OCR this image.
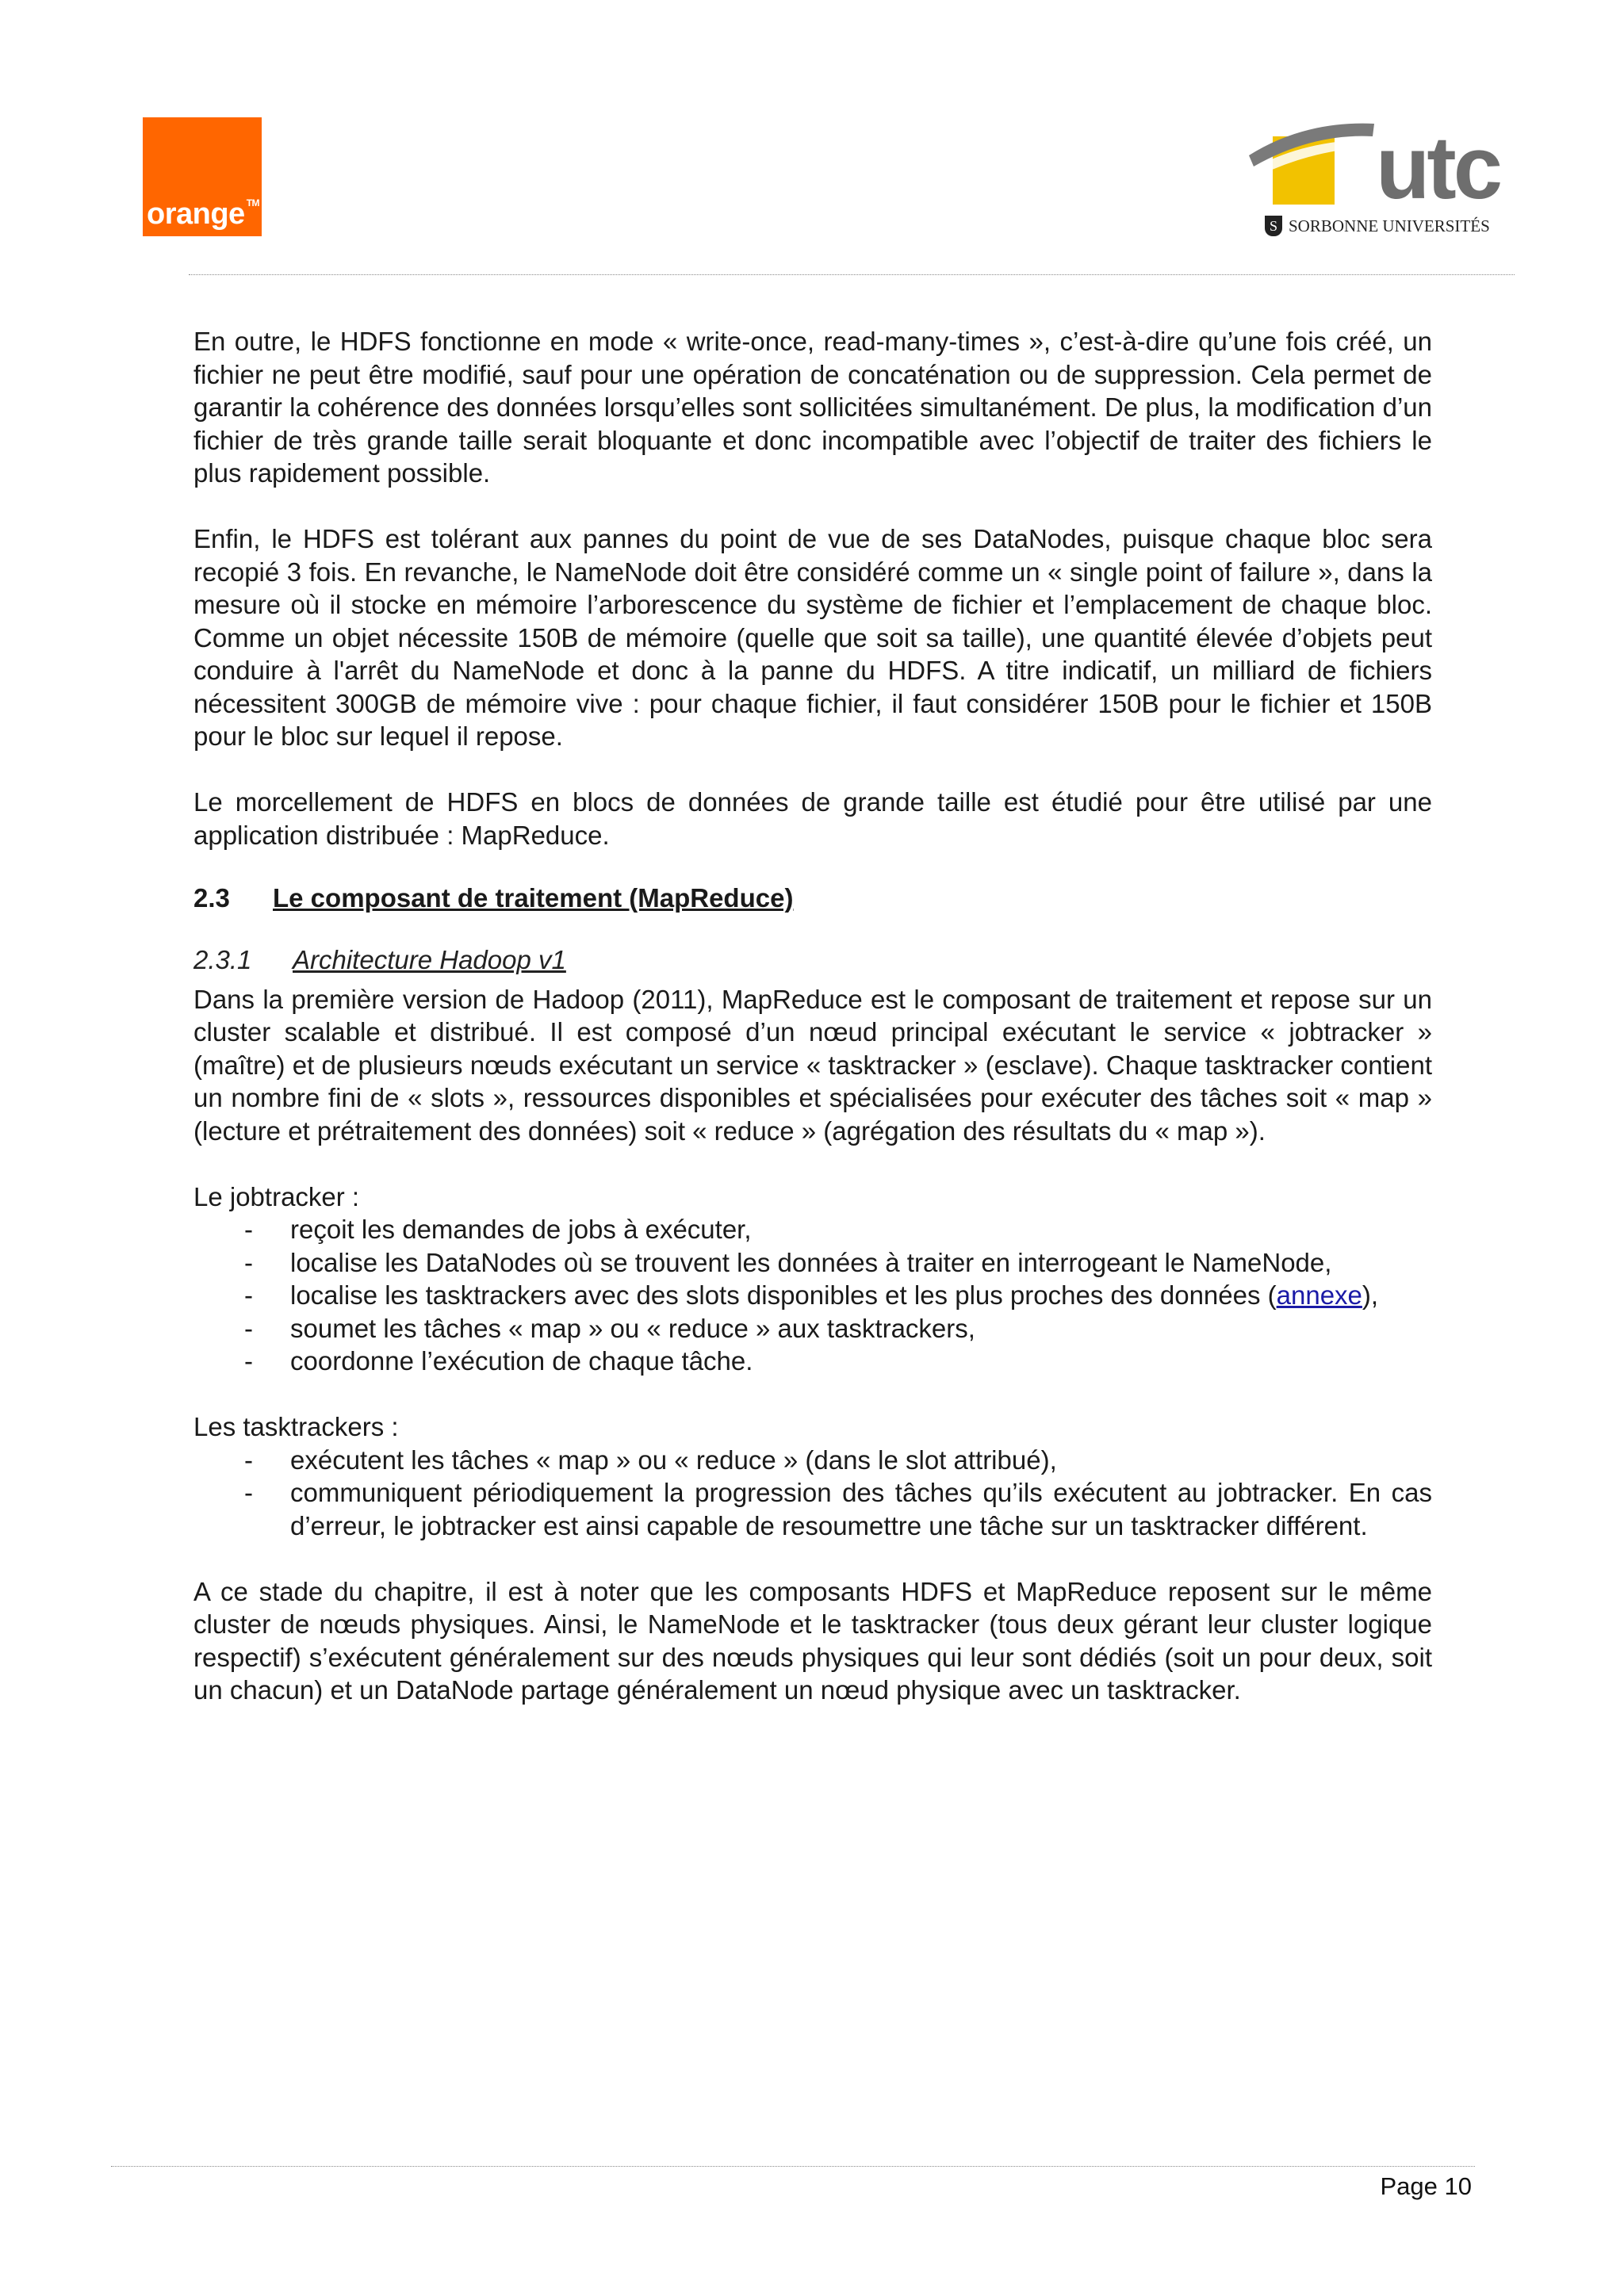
orange ™	utc
S SORBONNE UNIVERSITÉS

En outre, le HDFS fonctionne en mode « write-once, read-many-times », c’est-à-dire qu’une fois créé, un fichier ne peut être modifié, sauf pour une opération de concaténation ou de suppression. Cela permet de garantir la cohérence des données lorsqu’elles sont sollicitées simultanément. De plus, la modification d’un fichier de très grande taille serait bloquante et donc incompatible avec l’objectif de traiter des fichiers le plus rapidement possible.

Enfin, le HDFS est tolérant aux pannes du point de vue de ses DataNodes, puisque chaque bloc sera recopié 3 fois. En revanche, le NameNode doit être considéré comme un « single point of failure », dans la mesure où il stocke en mémoire l’arborescence du système de fichier et l’emplacement de chaque bloc. Comme un objet nécessite 150B de mémoire (quelle que soit sa taille), une quantité élevée d’objets peut conduire à l'arrêt du NameNode et donc à la panne du HDFS. A titre indicatif, un milliard de fichiers nécessitent 300GB de mémoire vive : pour chaque fichier, il faut considérer 150B pour le fichier et 150B pour le bloc sur lequel il repose.

Le morcellement de HDFS en blocs de données de grande taille est étudié pour être utilisé par une application distribuée : MapReduce.

2.3	Le composant de traitement (MapReduce)
2.3.1	Architecture Hadoop v1

Dans la première version de Hadoop (2011), MapReduce est le composant de traitement et repose sur un cluster scalable et distribué. Il est composé d’un nœud principal exécutant le service « jobtracker » (maître) et de plusieurs nœuds exécutant un service « tasktracker » (esclave). Chaque tasktracker contient un nombre fini de « slots », ressources disponibles et spécialisées pour exécuter des tâches soit « map » (lecture et prétraitement des données) soit « reduce » (agrégation des résultats du « map »).

Le jobtracker :

- reçoit les demandes de jobs à exécuter,
- localise les DataNodes où se trouvent les données à traiter en interrogeant le NameNode,
- localise les tasktrackers avec des slots disponibles et les plus proches des données (annexe),
- soumet les tâches « map » ou « reduce » aux tasktrackers,
- coordonne l’exécution de chaque tâche.

Les tasktrackers :

- exécutent les tâches « map » ou « reduce » (dans le slot attribué),
- communiquent périodiquement la progression des tâches qu’ils exécutent au jobtracker. En cas d’erreur, le jobtracker est ainsi capable de resoumettre une tâche sur un tasktracker différent.

A ce stade du chapitre, il est à noter que les composants HDFS et MapReduce reposent sur le même cluster de nœuds physiques. Ainsi, le NameNode et le tasktracker (tous deux gérant leur cluster logique respectif) s’exécutent généralement sur des nœuds physiques qui leur sont dédiés (soit un pour deux, soit un chacun) et un DataNode partage généralement un nœud physique avec un tasktracker.

Page 10
